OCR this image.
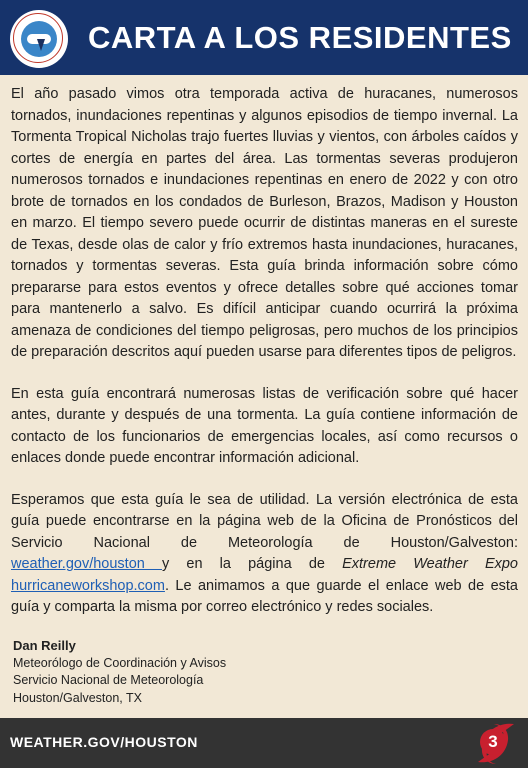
CARTA A LOS RESIDENTES

El año pasado vimos otra temporada activa de huracanes, numerosos tornados, inundaciones repentinas y algunos episodios de tiempo invernal. La Tormenta Tropical Nicholas trajo fuertes lluvias y vientos, con árboles caídos y cortes de energía en partes del área. Las tormentas severas produjeron numerosos tornados e inundaciones repentinas en enero de 2022 y con otro brote de tornados en los condados de Burleson, Brazos, Madison y Houston en marzo. El tiempo severo puede ocurrir de distintas maneras en el sureste de Texas, desde olas de calor y frío extremos hasta inundaciones, huracanes, tornados y tormentas severas. Esta guía brinda información sobre cómo prepararse para estos eventos y ofrece detalles sobre qué acciones tomar para mantenerlo a salvo. Es difícil anticipar cuando ocurrirá la próxima amenaza de condiciones del tiempo peligrosas, pero muchos de los principios de preparación descritos aquí pueden usarse para diferentes tipos de peligros.

En esta guía encontrará numerosas listas de verificación sobre qué hacer antes, durante y después de una tormenta. La guía contiene información de contacto de los funcionarios de emergencias locales, así como recursos o enlaces donde puede encontrar información adicional.

Esperamos que esta guía le sea de utilidad. La versión electrónica de esta guía puede encontrarse en la página web de la Oficina de Pronósticos del Servicio Nacional de Meteorología de Houston/Galveston: weather.gov/houston y en la página de Extreme Weather Expo hurricaneworkshop.com. Le animamos a que guarde el enlace web de esta guía y comparta la misma por correo electrónico y redes sociales.

Dan Reilly
Meteorólogo de Coordinación y Avisos
Servicio Nacional de Meteorología
Houston/Galveston, TX
WEATHER.GOV/HOUSTON	3
